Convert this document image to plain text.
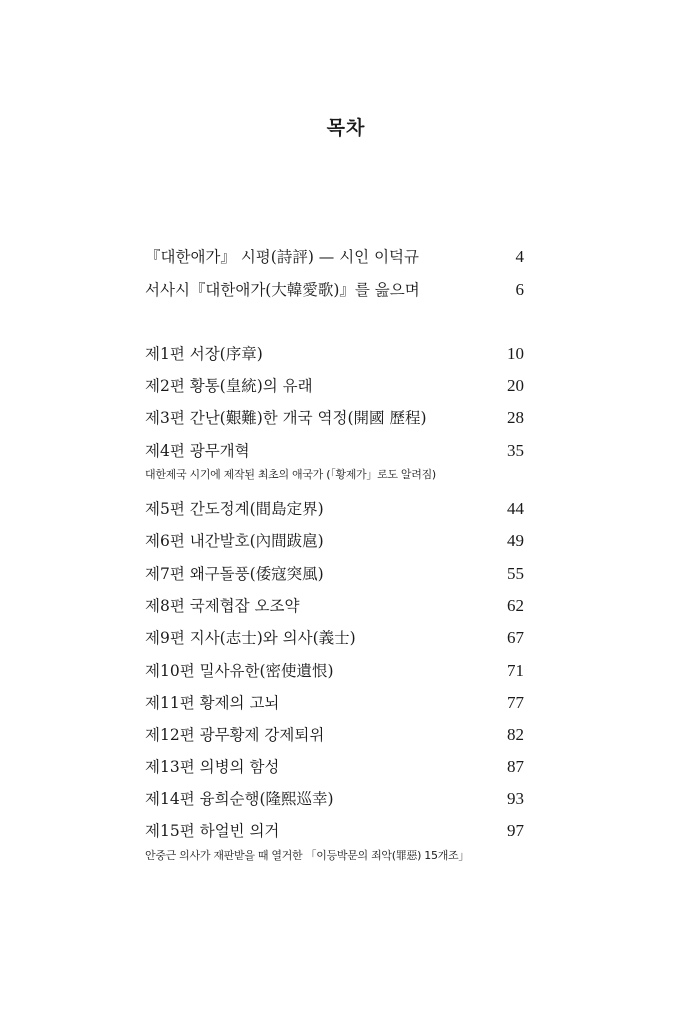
목차
『대한애가』 시평(詩評) — 시인 이덕규	4
서사시『대한애가(大韓愛歌)』를 읊으며	6
제1편 서장(序章)	10
제2편 황통(皇統)의 유래	20
제3편 간난(艱難)한 개국 역정(開國 歷程)	28
제4편 광무개혁	35
대한제국 시기에 제작된 최초의 애국가 (「황제가」로도 알려짐)
제5편 간도정계(間島定界)	44
제6편 내간발호(內間跋扈)	49
제7편 왜구돌풍(倭寇突風)	55
제8편 국제협잡 오조약	62
제9편 지사(志士)와 의사(義士)	67
제10편 밀사유한(密使遺恨)	71
제11편 황제의 고뇌	77
제12편 광무황제 강제퇴위	82
제13편 의병의 함성	87
제14편 융희순행(隆熙巡幸)	93
제15편 하얼빈 의거	97
안중근 의사가 재판받을 때 열거한 「이등박문의 죄악(罪惡) 15개조」
